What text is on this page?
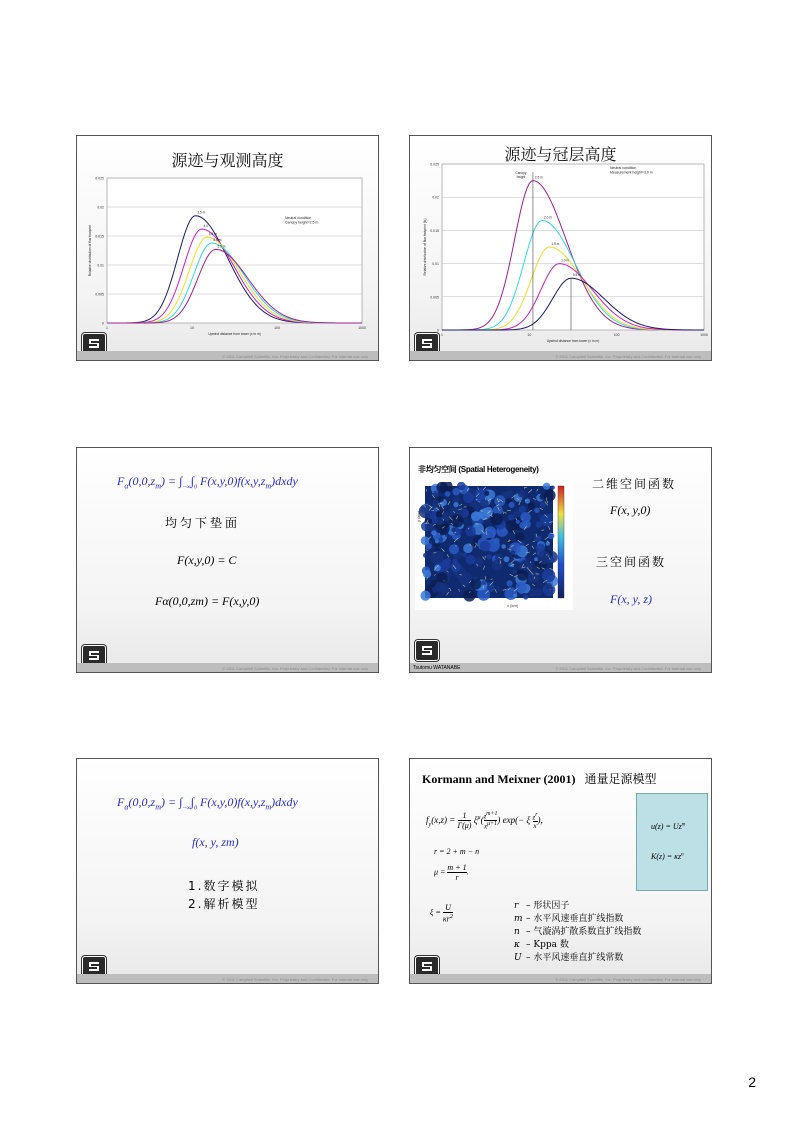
源迹与观测高度
0
0.005
0.01
0.015
0.02
0.025
1	10	100	1000
Relative distribution of flux footprint
Upwind distance from tower (x in m)
3.5 m
4.0
4.5 m
5.0 m
5.5 m
Neutral condition
Canopy height=2.5 m
© 2011 Campbell Scientific, Inc. Proprietary and Confidential. For internal use only
源迹与冠层高度
0
0.005
0.01
0.015
0.02
0.025
1	10	100	1000
Relative distribution of flux footprint (fc)
Upwind distance from tower (x in m)
2.5 m
2.0 m
1.5 m
1.0 m
0.5 m
Neutral condition
Measurement height=3.0 m
Canopy
height
© 2011 Campbell Scientific, Inc. Proprietary and Confidential. For internal use only
$F_\alpha(0,0,z_m) = \int_{-\infty}\int_0$ $F(x,y,0)f(x,y,z_m)dxdy$
均匀下垫面
F(x,y,0) = C
Fα(0,0,zm) = F(x,y,0)
© 2011 Campbell Scientific, Inc. Proprietary and Confidential. For internal use only
非均匀空间 (Spatial Heterogeneity)
y (km)
x (km)
二维空间函数
F(x, y,0)
三空间函数
F(x, y, z)
Tsutomu WATANABE	© 2011 Campbell Scientific, Inc. Proprietary and Confidential. For internal use only
$F_\alpha(0,0,z_m) = \int_{-\infty}\int_0$ $F(x,y,0)f(x,y,z_m)dxdy$
f(x, y, zm)
1.数字模拟
2.解析模型
© 2011 Campbell Scientific, Inc. Proprietary and Confidential. For internal use only
Kormann and Meixner (2001) 通量足源模型
$f_y(x,z) = 1$
Γ(μ) $\xi^\mu$( $z^{m+1}$
$x^{\mu+1}$) exp(− ξ $z^r$
x),
r = 2 + m − n
μ = m + 1
r.
ξ =
U
$\kappa r^2$
$u(z) = Uz^m$
$K(z) = \kappa z^n$
r – 形状因子
m – 水平风速垂直扩线指数
n – 气漩涡扩散系数直扩线指数
κ – Kppa 数
U – 水平风速垂直扩线常数
© 2011 Campbell Scientific, Inc. Proprietary and Confidential. For internal use only
2
